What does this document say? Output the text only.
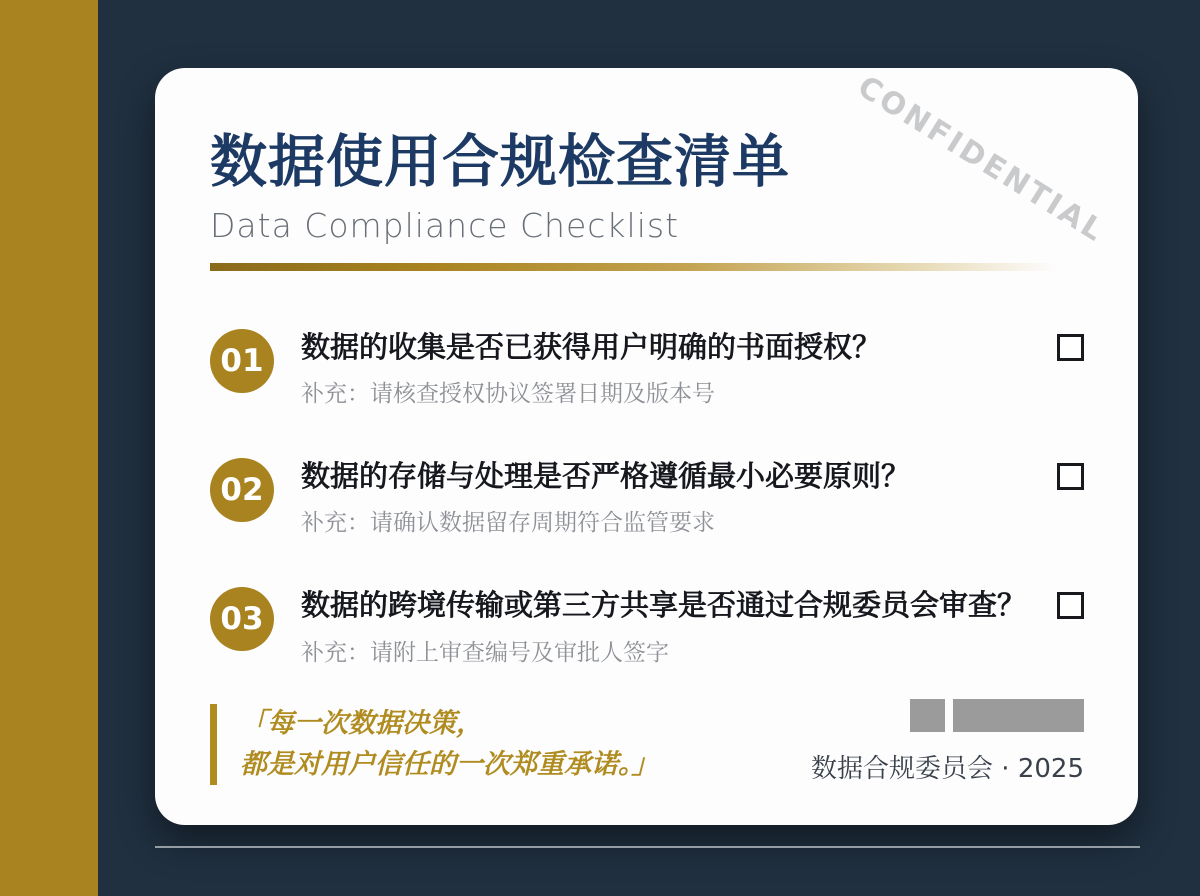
CONFIDENTIAL
数据使用合规检查清单
Data Compliance Checklist
01	数据的收集是否已获得用户明确的书面授权？
补充：请核查授权协议签署日期及版本号
02	数据的存储与处理是否严格遵循最小必要原则？
补充：请确认数据留存周期符合监管要求
03	数据的跨境传输或第三方共享是否通过合规委员会审查？
补充：请附上审查编号及审批人签字
「每一次数据决策，
都是对用户信任的一次郑重承诺。」	数据合规委员会 · 2025
